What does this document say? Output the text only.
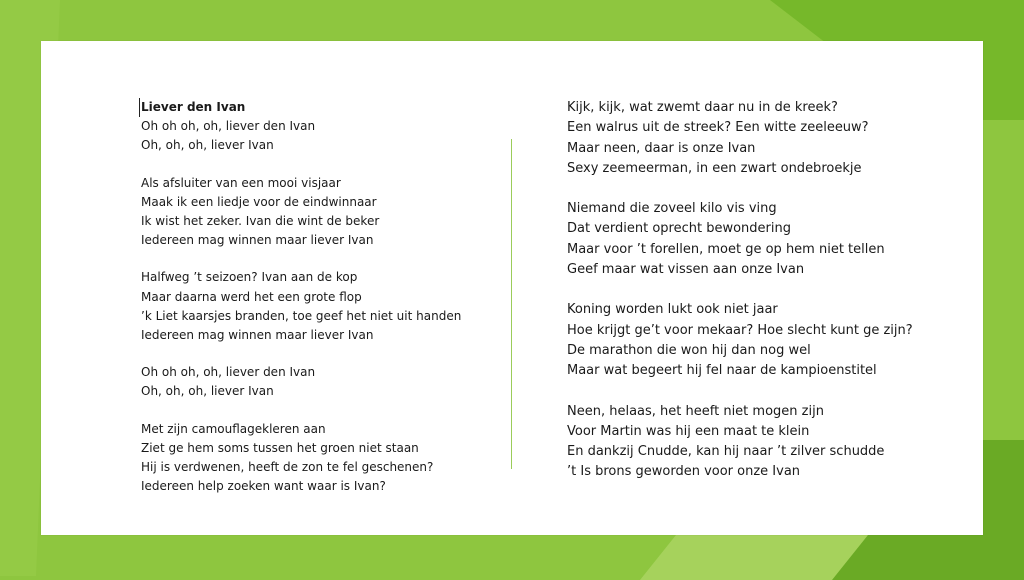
Liever den Ivan

Oh oh oh, oh, liever den Ivan

Oh, oh, oh, liever Ivan

Als afsluiter van een mooi visjaar

Maak ik een liedje voor de eindwinnaar

Ik wist het zeker. Ivan die wint de beker

Iedereen mag winnen maar liever Ivan

Halfweg ’t seizoen? Ivan aan de kop

Maar daarna werd het een grote flop

’k Liet kaarsjes branden, toe geef het niet uit handen

Iedereen mag winnen maar liever Ivan

Oh oh oh, oh, liever den Ivan

Oh, oh, oh, liever Ivan

Met zijn camouflagekleren aan

Ziet ge hem soms tussen het groen niet staan

Hij is verdwenen, heeft de zon te fel geschenen?

Iedereen help zoeken want waar is Ivan?

Kijk, kijk, wat zwemt daar nu in de kreek?

Een walrus uit de streek? Een witte zeeleeuw?

Maar neen, daar is onze Ivan

Sexy zeemeerman, in een zwart ondebroekje

Niemand die zoveel kilo vis ving

Dat verdient oprecht bewondering

Maar voor ’t forellen, moet ge op hem niet tellen

Geef maar wat vissen aan onze Ivan

Koning worden lukt ook niet jaar

Hoe krijgt ge’t voor mekaar? Hoe slecht kunt ge zijn?

De marathon die won hij dan nog wel

Maar wat begeert hij fel naar de kampioenstitel

Neen, helaas, het heeft niet mogen zijn

Voor Martin was hij een maat te klein

En dankzij Cnudde, kan hij naar ’t zilver schudde

’t Is brons geworden voor onze Ivan
